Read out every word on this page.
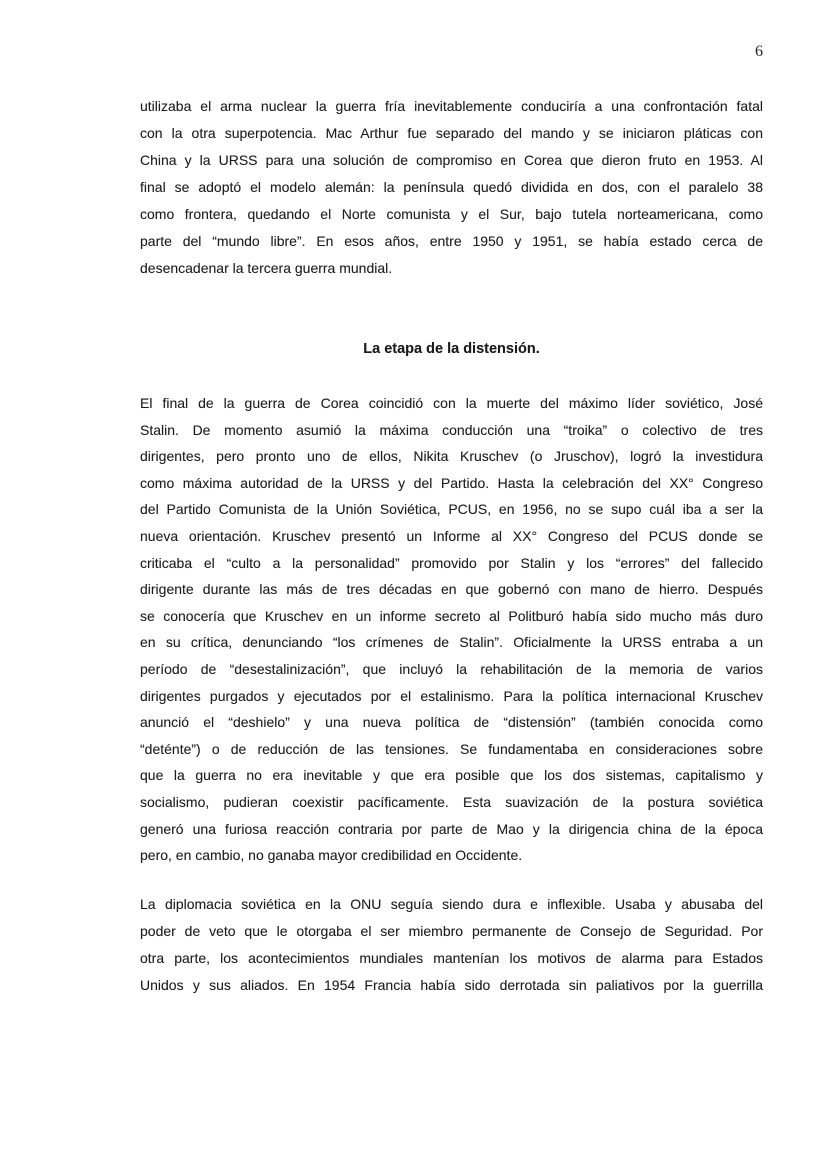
6
utilizaba el arma nuclear la guerra fría inevitablemente conduciría a una confrontación fatal
con la otra superpotencia. Mac Arthur fue separado del mando y se iniciaron pláticas con
China y la URSS para una solución de compromiso en Corea que dieron fruto en 1953. Al
final se adoptó el modelo alemán: la península quedó dividida en dos, con el paralelo 38
como frontera, quedando el Norte comunista y el Sur, bajo tutela norteamericana, como
parte del “mundo libre”. En esos años, entre 1950 y 1951, se había estado cerca de
desencadenar la tercera guerra mundial.
La etapa de la distensión.
El final de la guerra de Corea coincidió con la muerte del máximo líder soviético, José
Stalin. De momento asumió la máxima conducción una “troika” o colectivo de tres
dirigentes, pero pronto uno de ellos, Nikita Kruschev (o Jruschov), logró la investidura
como máxima autoridad de la URSS y del Partido. Hasta la celebración del XX° Congreso
del Partido Comunista de la Unión Soviética, PCUS, en 1956, no se supo cuál iba a ser la
nueva orientación. Kruschev presentó un Informe al XX° Congreso del PCUS donde se
criticaba el “culto a la personalidad” promovido por Stalin y los “errores” del fallecido
dirigente durante las más de tres décadas en que gobernó con mano de hierro. Después
se conocería que Kruschev en un informe secreto al Politburó había sido mucho más duro
en su crítica, denunciando “los crímenes de Stalin”. Oficialmente la URSS entraba a un
período de “desestalinización”, que incluyó la rehabilitación de la memoria de varios
dirigentes purgados y ejecutados por el estalinismo. Para la política internacional Kruschev
anunció el “deshielo” y una nueva política de “distensión” (también conocida como
“deténte”) o de reducción de las tensiones. Se fundamentaba en consideraciones sobre
que la guerra no era inevitable y que era posible que los dos sistemas, capitalismo y
socialismo, pudieran coexistir pacíficamente. Esta suavización de la postura soviética
generó una furiosa reacción contraria por parte de Mao y la dirigencia china de la época
pero, en cambio, no ganaba mayor credibilidad en Occidente.
La diplomacia soviética en la ONU seguía siendo dura e inflexible. Usaba y abusaba del
poder de veto que le otorgaba el ser miembro permanente de Consejo de Seguridad. Por
otra parte, los acontecimientos mundiales mantenían los motivos de alarma para Estados
Unidos y sus aliados. En 1954 Francia había sido derrotada sin paliativos por la guerrilla
